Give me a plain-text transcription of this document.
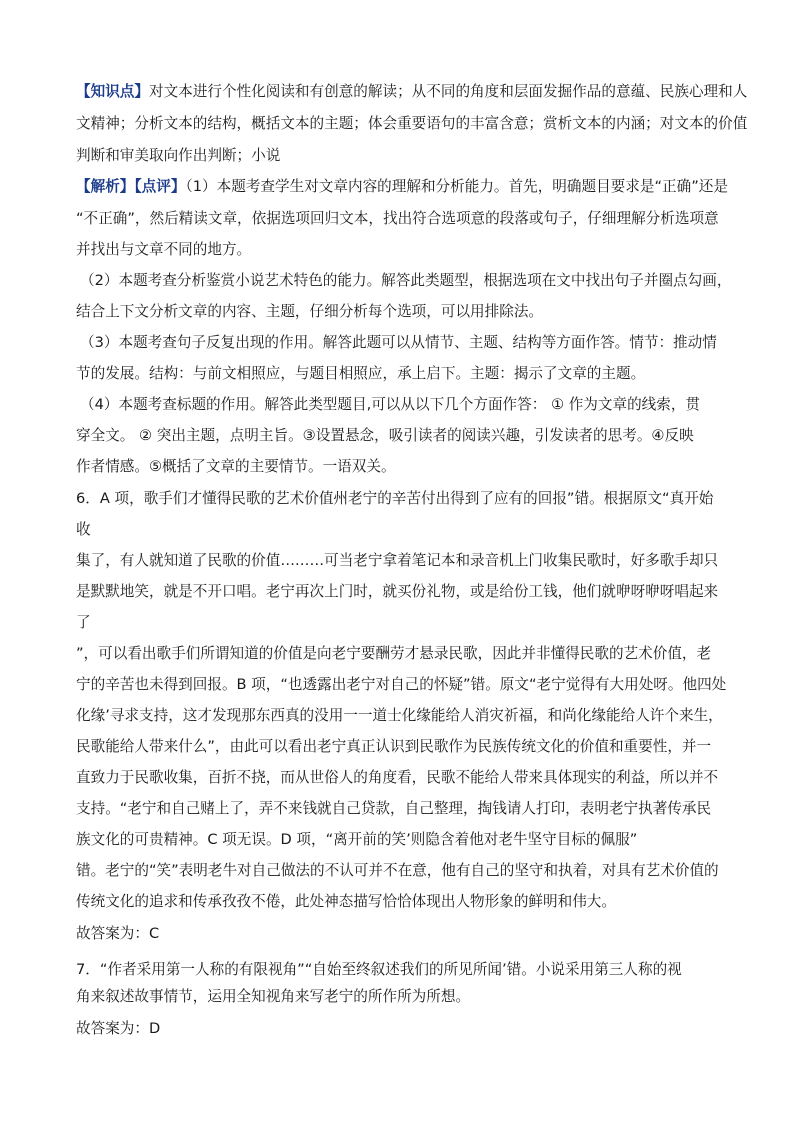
【知识点】对文本进行个性化阅读和有创意的解读；从不同的角度和层面发掘作品的意蕴、民族心理和人
文精神；分析文本的结构，概括文本的主题；体会重要语句的丰富含意；赏析文本的内涵；对文本的价值
判断和审美取向作出判断；小说
【解析】【点评】（1）本题考查学生对文章内容的理解和分析能力。首先，明确题目要求是“正确”还是
“不正确”，然后精读文章，依据选项回归文本，找出符合选项意的段落或句子，仔细理解分析选项意
并找出与文章不同的地方。
（2）本题考查分析鉴赏小说艺术特色的能力。解答此类题型，根据选项在文中找出句子并圈点勾画，
结合上下文分析文章的内容、主题，仔细分析每个选项，可以用排除法。
（3）本题考查句子反复出现的作用。解答此题可以从情节、主题、结构等方面作答。情节：推动情
节的发展。结构：与前文相照应，与题目相照应，承上启下。主题：揭示了文章的主题。
（4）本题考查标题的作用。解答此类型题目,可以从以下几个方面作答： ① 作为文章的线索，贯
穿全文。 ② 突出主题，点明主旨。③设置悬念，吸引读者的阅读兴趣，引发读者的思考。④反映
作者情感。⑤概括了文章的主要情节。一语双关。
6．A 项，歌手们才懂得民歌的艺术价值州老宁的辛苦付出得到了应有的回报”错。根据原文“真开始
收
集了，有人就知道了民歌的价值………可当老宁拿着笔记本和录音机上门收集民歌时，好多歌手却只
是默默地笑，就是不开口唱。老宁再次上门时，就买份礼物，或是给份工钱，他们就咿呀咿呀唱起来
了
”，可以看出歌手们所谓知道的价值是向老宁要酬劳才悬录民歌，因此并非懂得民歌的艺术价值，老
宁的辛苦也未得到回报。B 项，“也透露出老宁对自己的怀疑”错。原文“老宁觉得有大用处呀。他四处
化缘’寻求支持，这才发现那东西真的没用一一道士化缘能给人消灾祈福，和尚化缘能给人许个来生，
民歌能给人带来什么”，由此可以看出老宁真正认识到民歌作为民族传统文化的价值和重要性，并一
直致力于民歌收集，百折不挠，而从世俗人的角度看，民歌不能给人带来具体现实的利益，所以并不
支持。“老宁和自己赌上了，弄不来钱就自己贷款，自己整理，掏钱请人打印，表明老宁执著传承民
族文化的可贵精神。C 项无误。D 项，“离开前的笑’则隐含着他对老牛坚守目标的佩服”
错。老宁的“笑”表明老牛对自己做法的不认可并不在意，他有自己的坚守和执着，对具有艺术价值的
传统文化的追求和传承孜孜不倦，此处神态描写恰恰体现出人物形象的鲜明和伟大。
故答案为：C
7．“作者采用第一人称的有限视角”“自始至终叙述我们的所见所闻’错。小说采用第三人称的视
角来叙述故事情节，运用全知视角来写老宁的所作所为所想。
故答案为：D
